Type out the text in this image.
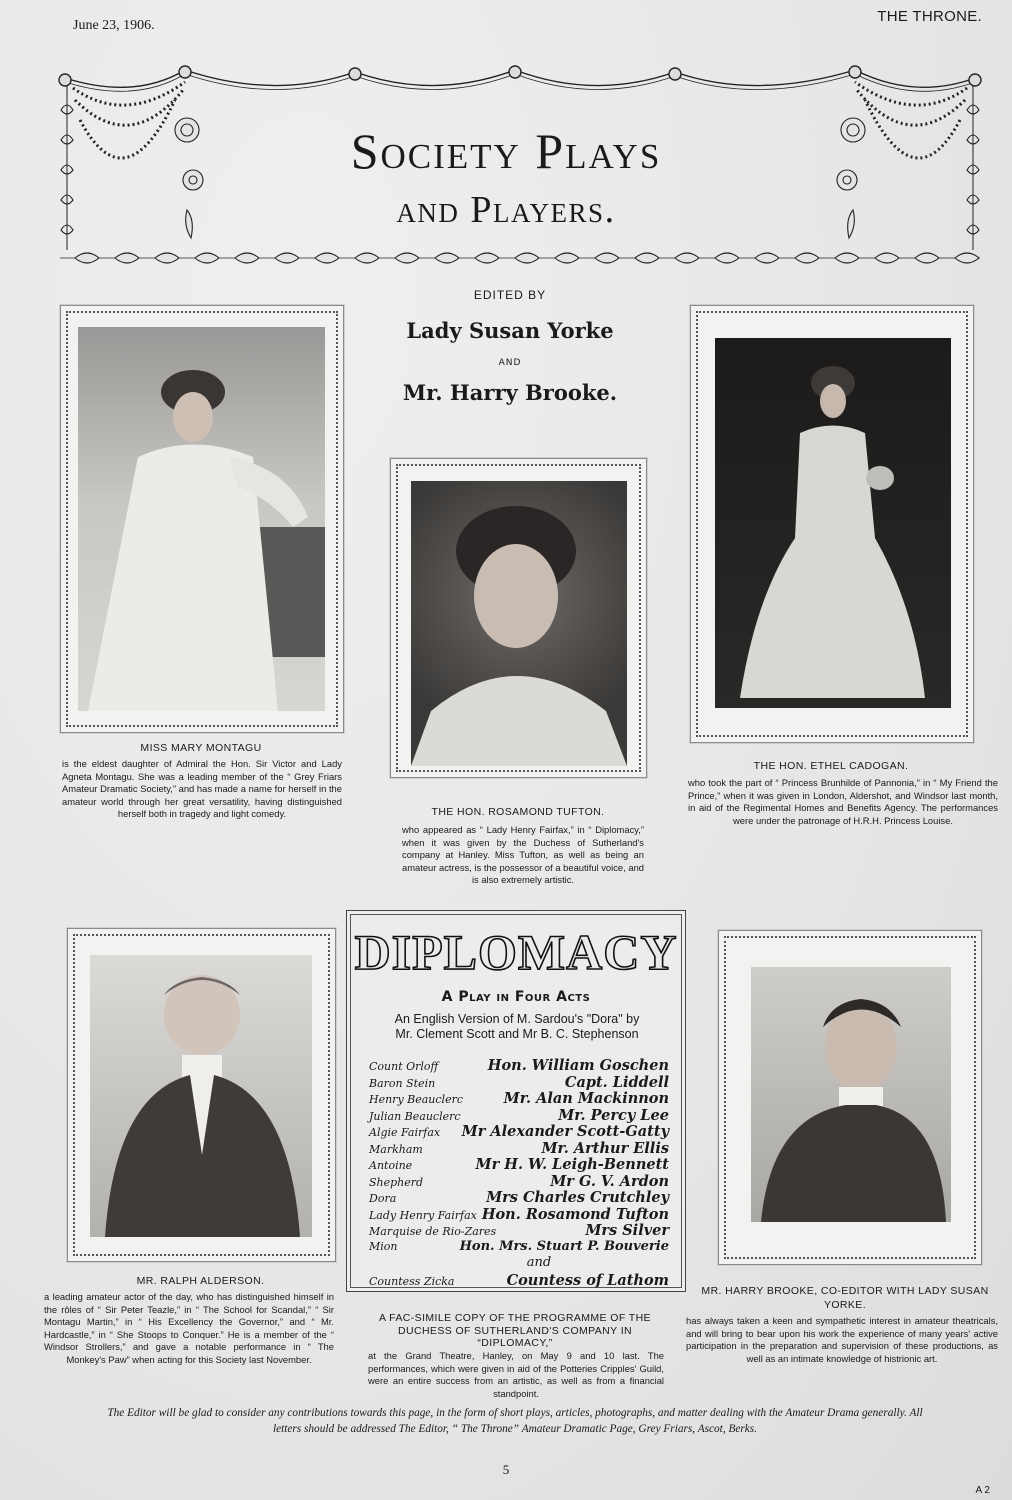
June 23, 1906.
THE THRONE.
Society Plays
and Players.
EDITED BY
Lady Susan Yorke
AND
Mr. Harry Brooke.
MISS MARY MONTAGU
is the eldest daughter of Admiral the Hon. Sir Victor and Lady Agneta Montagu. She was a leading member of the “ Grey Friars Amateur Dramatic Society,” and has made a name for herself in the amateur world through her great versatility, having distinguished herself both in tragedy and light comedy.	THE HON. ROSAMOND TUFTON.
who appeared as “ Lady Henry Fairfax,” in “ Diplomacy,” when it was given by the Duchess of Sutherland's company at Hanley. Miss Tufton, as well as being an amateur actress, is the possessor of a beautiful voice, and is also extremely artistic.
THE HON. ETHEL CADOGAN.
who took the part of “ Princess Brunhilde of Pannonia,” in “ My Friend the Prince,” when it was given in London, Aldershot, and Windsor last month, in aid of the Regimental Homes and Benefits Agency. The performances were under the patronage of H.R.H. Princess Louise.
MR. RALPH ALDERSON.
a leading amateur actor of the day, who has distinguished himself in the rôles of “ Sir Peter Teazle,” in “ The School for Scandal,” “ Sir Montagu Martin,” in “ His Excellency the Governor,” and “ Mr. Hardcastle,” in “ She Stoops to Conquer.” He is a member of the “ Windsor Strollers,” and gave a notable performance in “ The Monkey's Paw” when acting for this Society last November.
MR. HARRY BROOKE, CO-EDITOR WITH LADY SUSAN YORKE.
has always taken a keen and sympathetic interest in amateur theatricals, and will bring to bear upon his work the experience of many years' active participation in the preparation and supervision of these productions, as well as an intimate knowledge of histrionic art.
DIPLOMACY
A Play in Four Acts
An English Version of M. Sardou's "Dora" by
Mr. Clement Scott and Mr B. C. Stephenson
Count Orloff	Hon. William Goschen
Baron Stein	Capt. Liddell
Henry Beauclerc	Mr. Alan Mackinnon
Julian Beauclerc	Mr. Percy Lee
Algie Fairfax Mr Alexander Scott-Gatty
Markham	Mr. Arthur Ellis
Antoine	Mr H. W. Leigh-Bennett
Shepherd	Mr G. V. Ardon
Dora	Mrs Charles Crutchley
Lady Henry Fairfax Hon. Rosamond Tufton
Marquise de Rio-Zares	Mrs Silver
Mion	Hon. Mrs. Stuart P. Bouverie
and
Countess Zicka	Countess of Lathom
A FAC-SIMILE COPY OF THE PROGRAMME OF THE DUCHESS OF SUTHERLAND'S COMPANY IN “DIPLOMACY,”
at the Grand Theatre, Hanley, on May 9 and 10 last. The performances, which were given in aid of the Potteries Cripples' Guild, were an entire success from an artistic, as well as from a financial standpoint.
The Editor will be glad to consider any contributions towards this page, in the form of short plays, articles, photographs, and matter dealing with the Amateur Drama generally. All letters should be addressed The Editor, “ The Throne” Amateur Dramatic Page, Grey Friars, Ascot, Berks.
5
A 2
